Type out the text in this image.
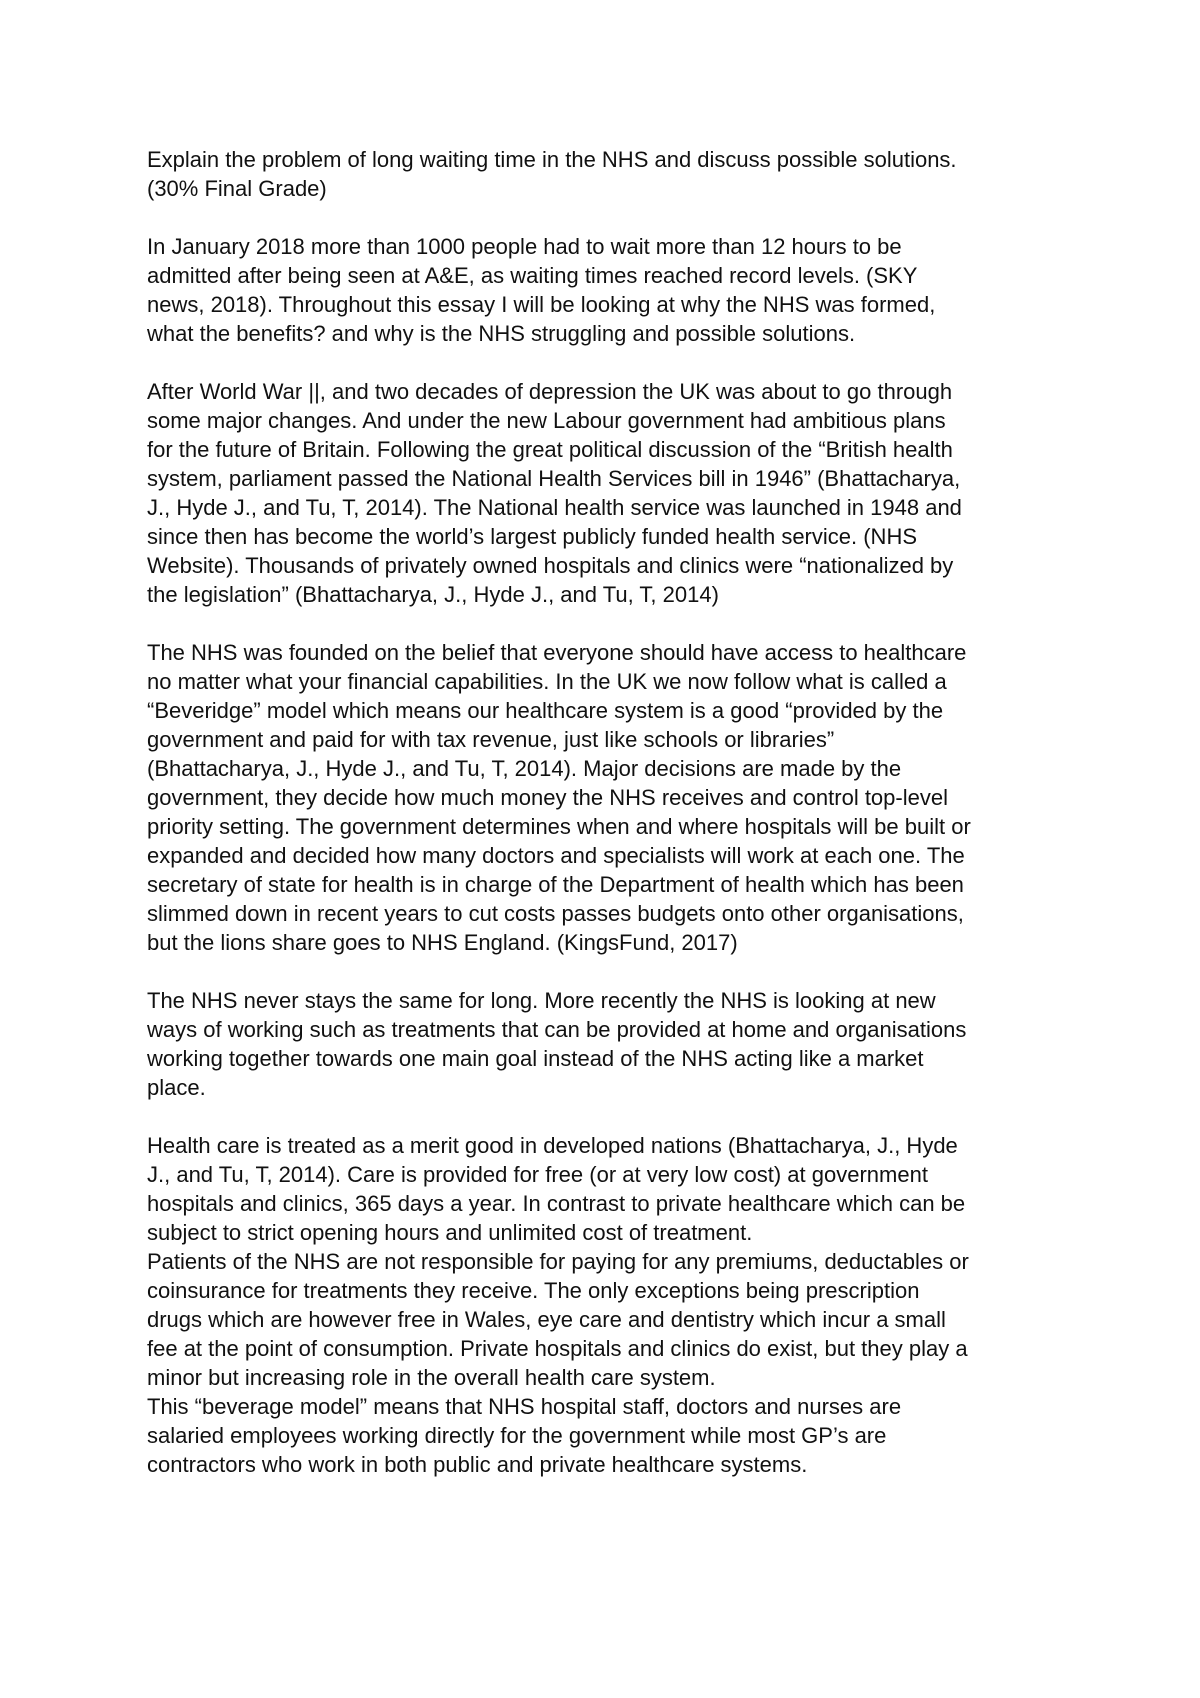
Explain the problem of long waiting time in the NHS and discuss possible solutions.
(30% Final Grade)
In January 2018 more than 1000 people had to wait more than 12 hours to be
admitted after being seen at A&E, as waiting times reached record levels. (SKY
news, 2018). Throughout this essay I will be looking at why the NHS was formed,
what the benefits? and why is the NHS struggling and possible solutions.
After World War ||, and two decades of depression the UK was about to go through
some major changes. And under the new Labour government had ambitious plans
for the future of Britain. Following the great political discussion of the “British health
system, parliament passed the National Health Services bill in 1946” (Bhattacharya,
J., Hyde J., and Tu, T, 2014). The National health service was launched in 1948 and
since then has become the world’s largest publicly funded health service. (NHS
Website). Thousands of privately owned hospitals and clinics were “nationalized by
the legislation” (Bhattacharya, J., Hyde J., and Tu, T, 2014)
The NHS was founded on the belief that everyone should have access to healthcare
no matter what your financial capabilities. In the UK we now follow what is called a
“Beveridge” model which means our healthcare system is a good “provided by the
government and paid for with tax revenue, just like schools or libraries”
(Bhattacharya, J., Hyde J., and Tu, T, 2014). Major decisions are made by the
government, they decide how much money the NHS receives and control top-level
priority setting. The government determines when and where hospitals will be built or
expanded and decided how many doctors and specialists will work at each one. The
secretary of state for health is in charge of the Department of health which has been
slimmed down in recent years to cut costs passes budgets onto other organisations,
but the lions share goes to NHS England. (KingsFund, 2017)
The NHS never stays the same for long. More recently the NHS is looking at new
ways of working such as treatments that can be provided at home and organisations
working together towards one main goal instead of the NHS acting like a market
place.
Health care is treated as a merit good in developed nations (Bhattacharya, J., Hyde
J., and Tu, T, 2014). Care is provided for free (or at very low cost) at government
hospitals and clinics, 365 days a year. In contrast to private healthcare which can be
subject to strict opening hours and unlimited cost of treatment.
Patients of the NHS are not responsible for paying for any premiums, deductables or
coinsurance for treatments they receive. The only exceptions being prescription
drugs which are however free in Wales, eye care and dentistry which incur a small
fee at the point of consumption. Private hospitals and clinics do exist, but they play a
minor but increasing role in the overall health care system.
This “beverage model” means that NHS hospital staff, doctors and nurses are
salaried employees working directly for the government while most GP’s are
contractors who work in both public and private healthcare systems.
